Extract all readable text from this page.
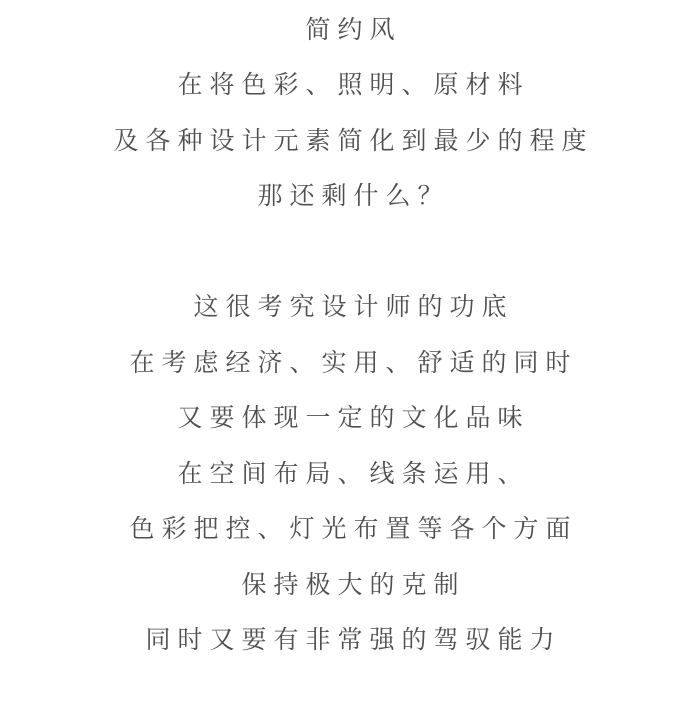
简约风
在将色彩、照明、原材料
及各种设计元素简化到最少的程度
那还剩什么？
这很考究设计师的功底
在考虑经济、实用、舒适的同时
又要体现一定的文化品味
在空间布局、线条运用、
色彩把控、灯光布置等各个方面
保持极大的克制
同时又要有非常强的驾驭能力
